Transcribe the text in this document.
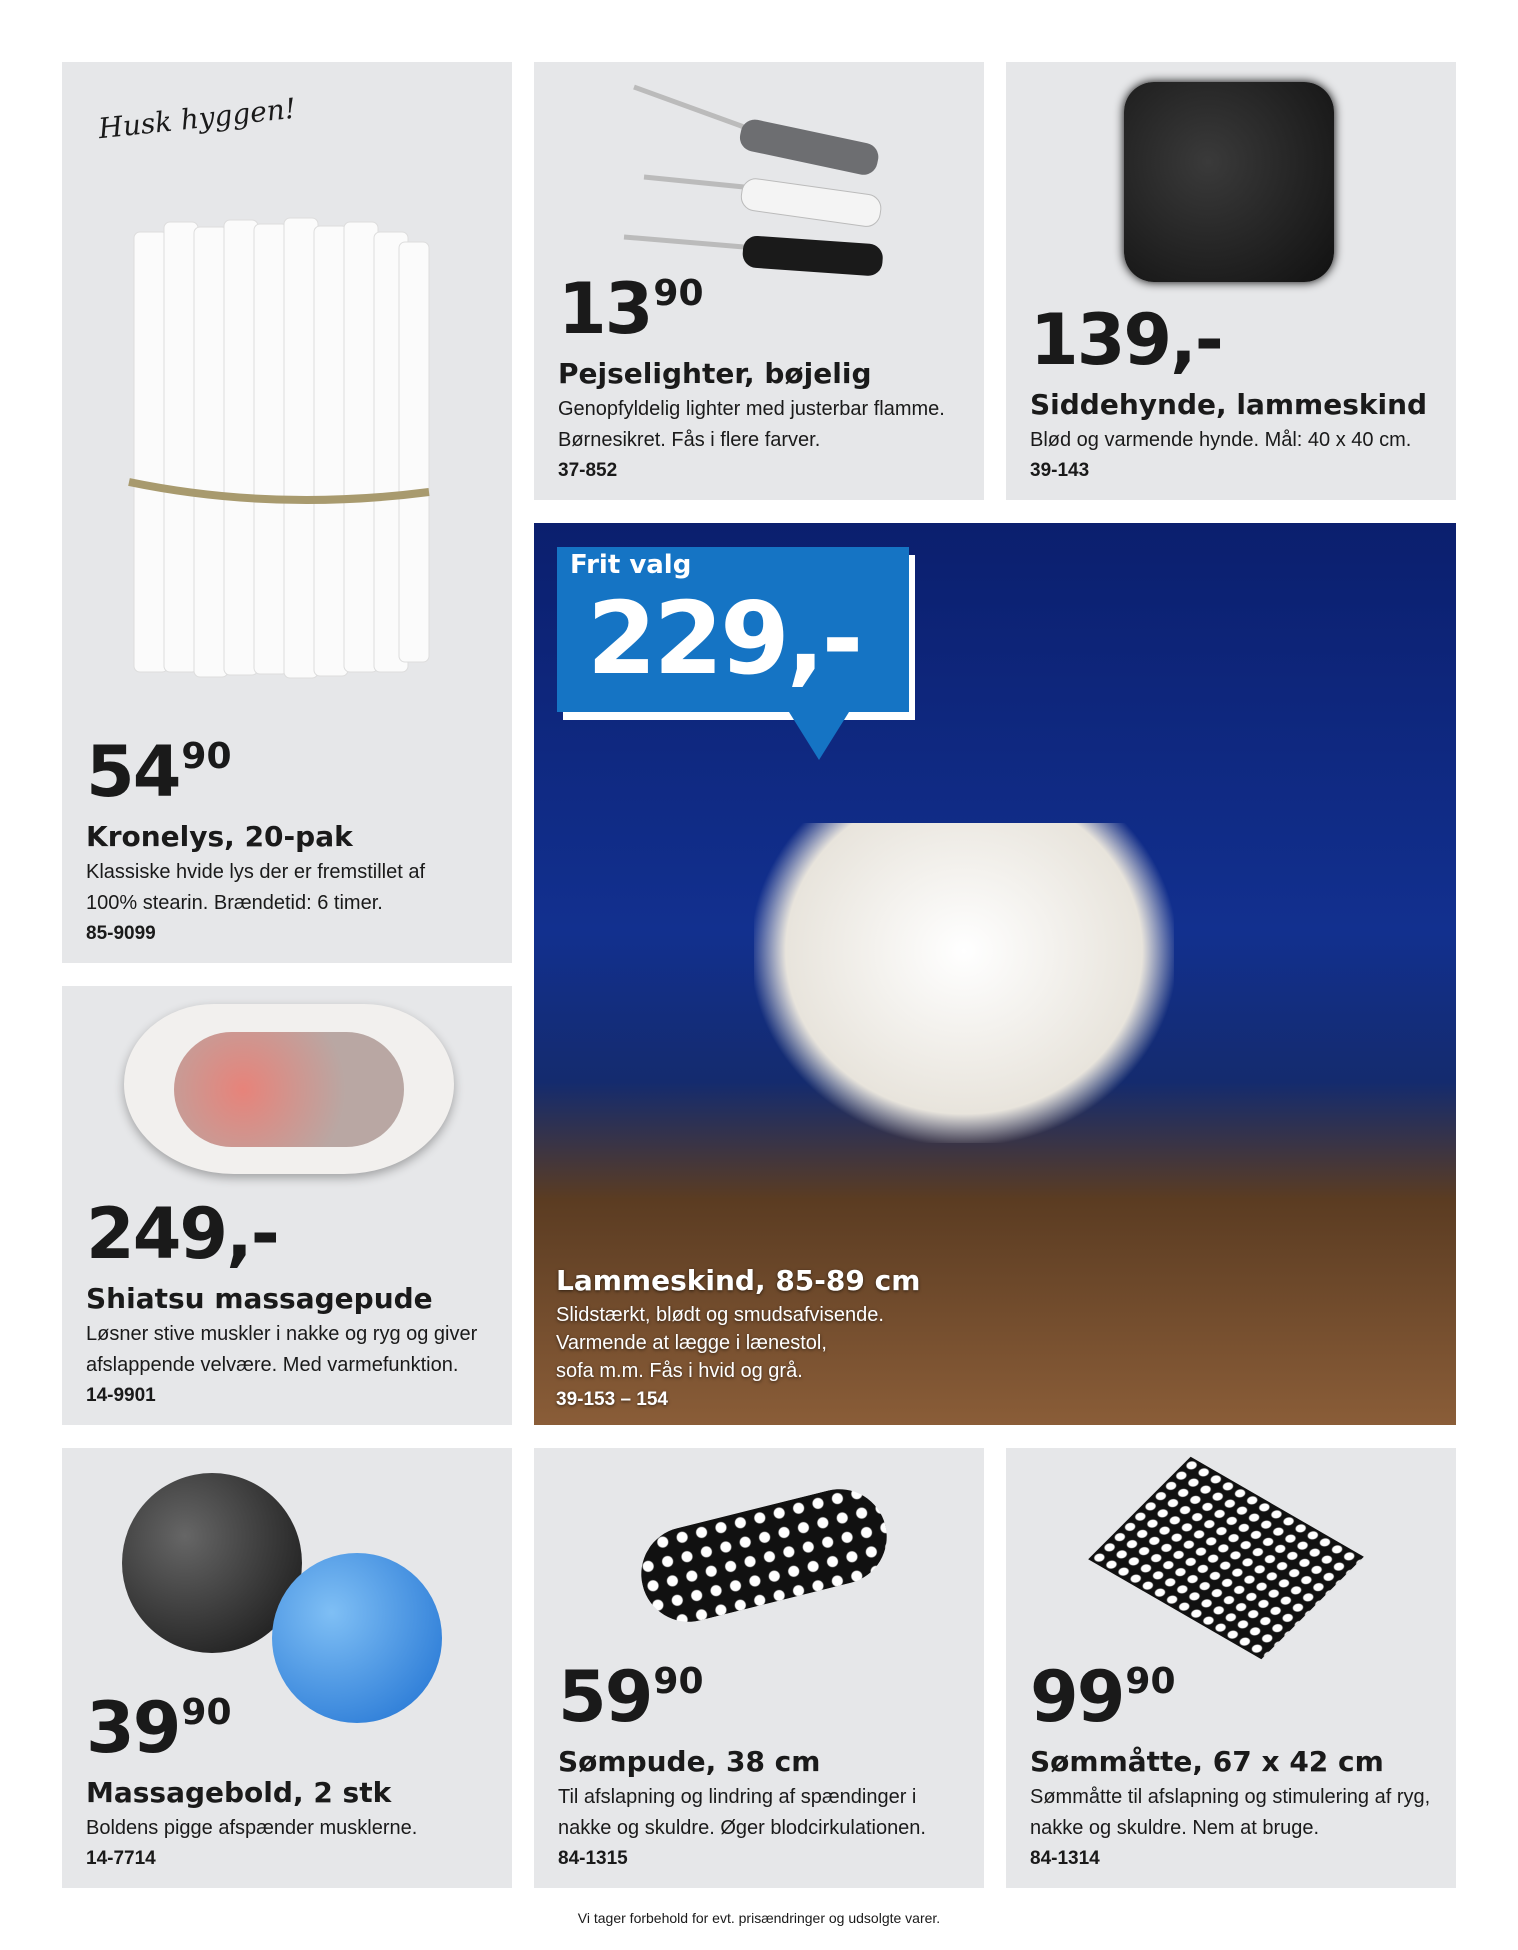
Husk hyggen!
54 90
Kronelys, 20-pak
Klassiske hvide lys der er fremstillet af
100% stearin. Brændetid: 6 timer.
85-9099
13 90
Pejselighter, bøjelig
Genopfyldelig lighter med justerbar flamme.
Børnesikret. Fås i flere farver.
37-852
139,-
Siddehynde, lammeskind
Blød og varmende hynde. Mål: 40 x 40 cm.
39-143
249,-
Shiatsu massagepude
Løsner stive muskler i nakke og ryg og giver
afslappende velvære. Med varmefunktion.
14-9901
Frit valg
229,-
Lammeskind, 85-89 cm
Slidstærkt, blødt og smudsafvisende.
Varmende at lægge i lænestol,
sofa m.m. Fås i hvid og grå.
39-153 – 154
39 90
Massagebold, 2 stk
Boldens pigge afspænder musklerne.
14-7714
59 90
Sømpude, 38 cm
Til afslapning og lindring af spændinger i
nakke og skuldre. Øger blodcirkulationen.
84-1315
99 90
Sømmåtte, 67 x 42 cm
Sømmåtte til afslapning og stimulering af ryg,
nakke og skuldre. Nem at bruge.
84-1314
Vi tager forbehold for evt. prisændringer og udsolgte varer.
